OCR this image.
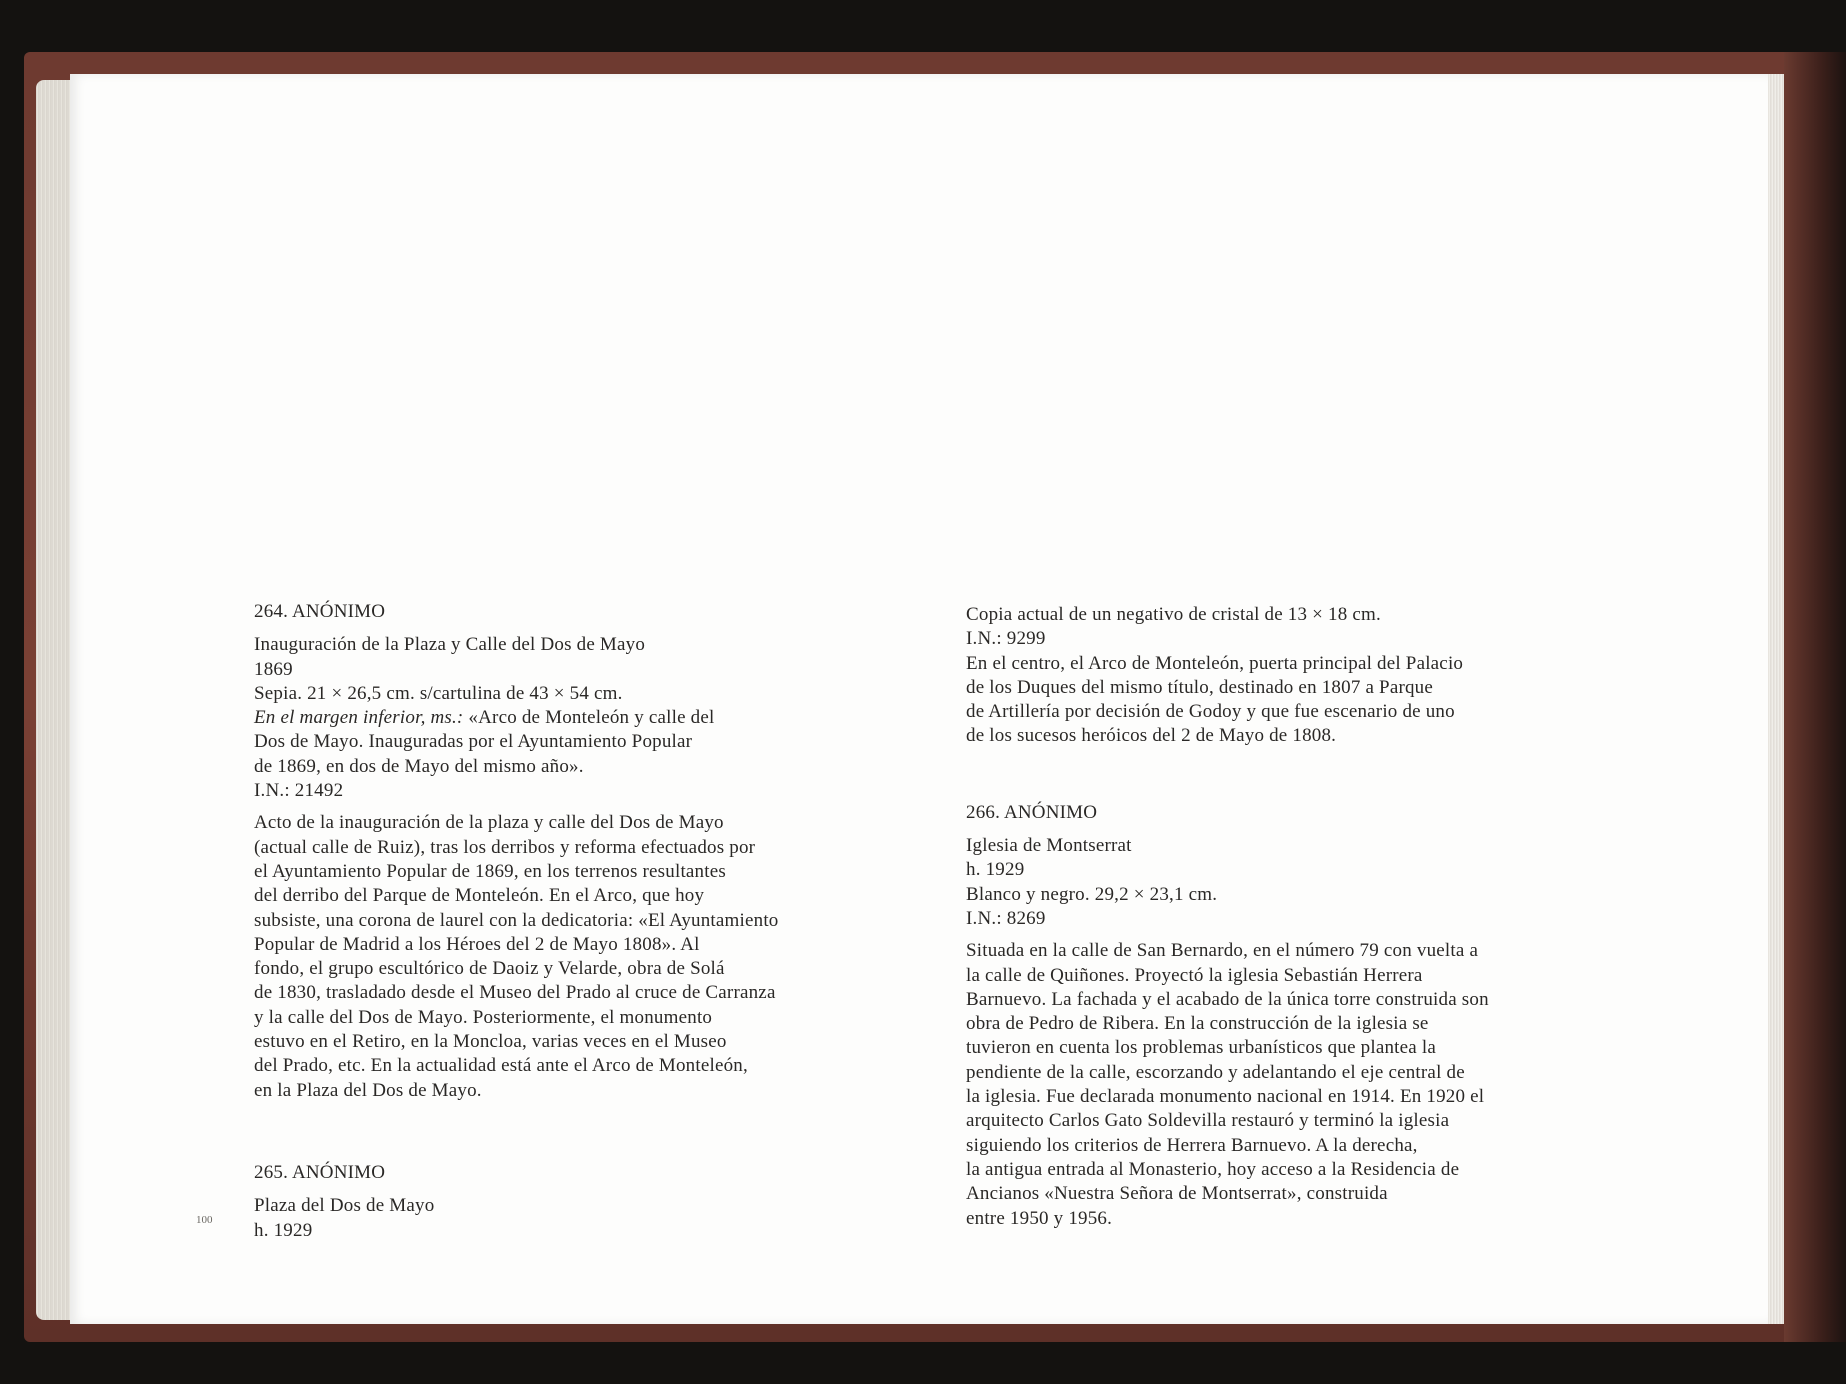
100

264. ANÓNIMO

Inauguración de la Plaza y Calle del Dos de Mayo

1869

Sepia. 21 × 26,5 cm. s/cartulina de 43 × 54 cm.

En el margen inferior, ms.: «Arco de Monteleón y calle del

Dos de Mayo. Inauguradas por el Ayuntamiento Popular

de 1869, en dos de Mayo del mismo año».

I.N.: 21492

Acto de la inauguración de la plaza y calle del Dos de Mayo

(actual calle de Ruiz), tras los derribos y reforma efectuados por

el Ayuntamiento Popular de 1869, en los terrenos resultantes

del derribo del Parque de Monteleón. En el Arco, que hoy

subsiste, una corona de laurel con la dedicatoria: «El Ayuntamiento

Popular de Madrid a los Héroes del 2 de Mayo 1808». Al

fondo, el grupo escultórico de Daoiz y Velarde, obra de Solá

de 1830, trasladado desde el Museo del Prado al cruce de Carranza

y la calle del Dos de Mayo. Posteriormente, el monumento

estuvo en el Retiro, en la Moncloa, varias veces en el Museo

del Prado, etc. En la actualidad está ante el Arco de Monteleón,

en la Plaza del Dos de Mayo.

265. ANÓNIMO

Plaza del Dos de Mayo

h. 1929

Copia actual de un negativo de cristal de 13 × 18 cm.

I.N.: 9299

En el centro, el Arco de Monteleón, puerta principal del Palacio

de los Duques del mismo título, destinado en 1807 a Parque

de Artillería por decisión de Godoy y que fue escenario de uno

de los sucesos heróicos del 2 de Mayo de 1808.

266. ANÓNIMO

Iglesia de Montserrat

h. 1929

Blanco y negro. 29,2 × 23,1 cm.

I.N.: 8269

Situada en la calle de San Bernardo, en el número 79 con vuelta a

la calle de Quiñones. Proyectó la iglesia Sebastián Herrera

Barnuevo. La fachada y el acabado de la única torre construida son

obra de Pedro de Ribera. En la construcción de la iglesia se

tuvieron en cuenta los problemas urbanísticos que plantea la

pendiente de la calle, escorzando y adelantando el eje central de

la iglesia. Fue declarada monumento nacional en 1914. En 1920 el

arquitecto Carlos Gato Soldevilla restauró y terminó la iglesia

siguiendo los criterios de Herrera Barnuevo. A la derecha,

la antigua entrada al Monasterio, hoy acceso a la Residencia de

Ancianos «Nuestra Señora de Montserrat», construida

entre 1950 y 1956.
